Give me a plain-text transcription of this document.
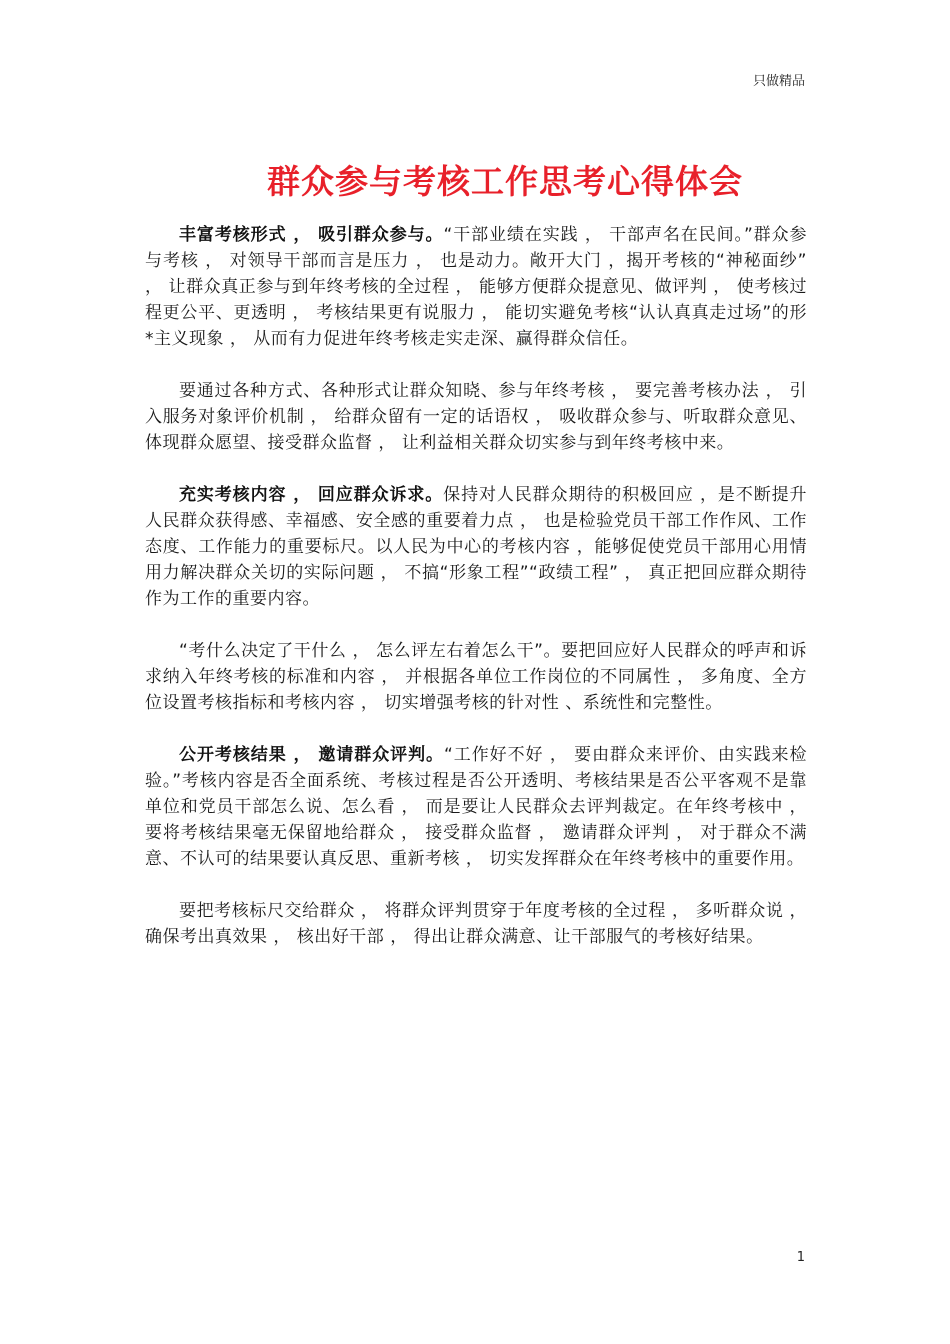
只做精品
群众参与考核工作思考心得体会

丰富考核形式 ， 吸引群众参与。“干部业绩在实践 ， 干部声名在民间。”群众参与考核 ， 对领导干部而言是压力 ， 也是动力。敞开大门 ，揭开考核的“神秘面纱” ， 让群众真正参与到年终考核的全过程 ， 能够方便群众提意见、做评判 ， 使考核过程更公平、更透明 ， 考核结果更有说服力 ， 能切实避免考核“认认真真走过场”的形*主义现象 ， 从而有力促进年终考核走实走深、赢得群众信任。

要通过各种方式、各种形式让群众知晓、参与年终考核 ， 要完善考核办法 ， 引入服务对象评价机制 ， 给群众留有一定的话语权 ， 吸收群众参与、听取群众意见、体现群众愿望、接受群众监督 ， 让利益相关群众切实参与到年终考核中来。

充实考核内容 ， 回应群众诉求。保持对人民群众期待的积极回应 ，是不断提升人民群众获得感、幸福感、安全感的重要着力点 ， 也是检验党员干部工作作风、工作态度、工作能力的重要标尺。以人民为中心的考核内容 ，能够促使党员干部用心用情用力解决群众关切的实际问题 ， 不搞“形象工程”“政绩工程” ， 真正把回应群众期待作为工作的重要内容。

“考什么决定了干什么 ， 怎么评左右着怎么干”。要把回应好人民群众的呼声和诉求纳入年终考核的标准和内容 ， 并根据各单位工作岗位的不同属性 ， 多角度、全方位设置考核指标和考核内容 ， 切实增强考核的针对性 、系统性和完整性。

公开考核结果 ， 邀请群众评判。“工作好不好 ， 要由群众来评价、由实践来检验。”考核内容是否全面系统、考核过程是否公开透明、考核结果是否公平客观不是靠单位和党员干部怎么说、怎么看 ， 而是要让人民群众去评判裁定。在年终考核中 ， 要将考核结果毫无保留地给群众 ， 接受群众监督 ， 邀请群众评判 ， 对于群众不满意、不认可的结果要认真反思、重新考核 ， 切实发挥群众在年终考核中的重要作用。

要把考核标尺交给群众 ， 将群众评判贯穿于年度考核的全过程 ， 多听群众说 ， 确保考出真效果 ， 核出好干部 ， 得出让群众满意、让干部服气的考核好结果。

1
